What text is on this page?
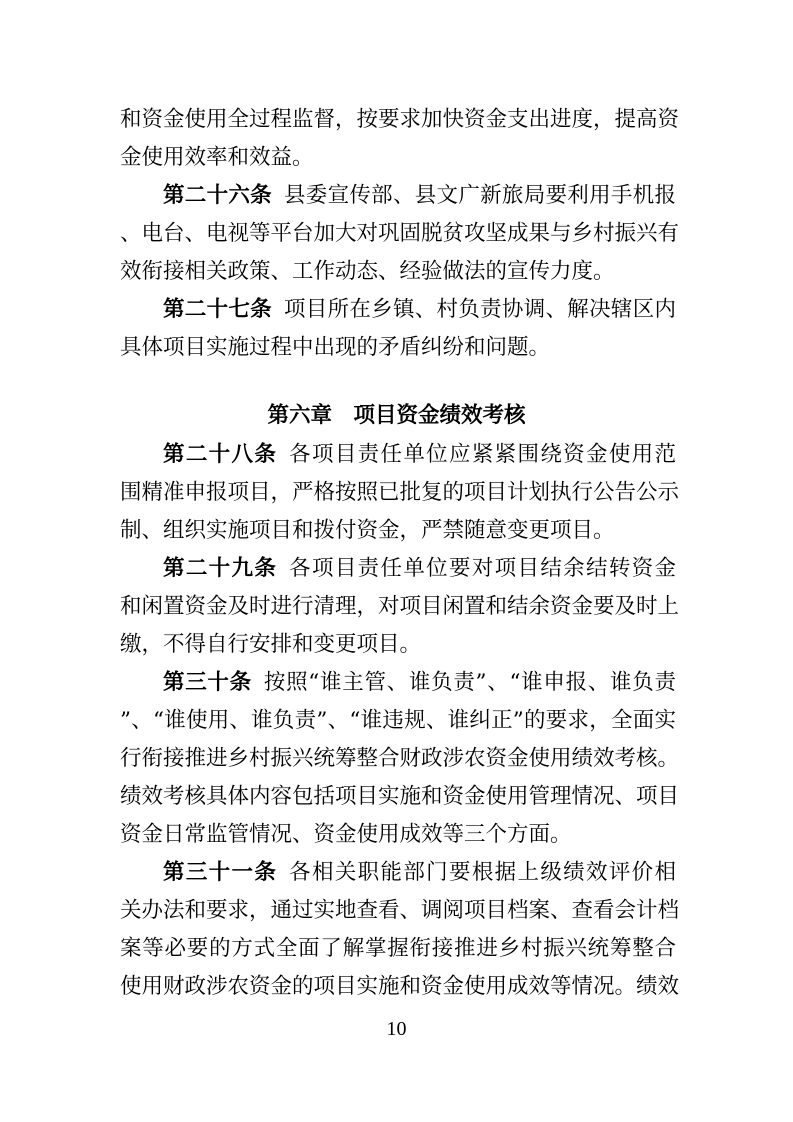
和资金使用全过程监督，按要求加快资金支出进度，提高资
金使用效率和效益。
第二十六条 县委宣传部、县文广新旅局要利用手机报
、电台、电视等平台加大对巩固脱贫攻坚成果与乡村振兴有
效衔接相关政策、工作动态、经验做法的宣传力度。
第二十七条 项目所在乡镇、村负责协调、解决辖区内
具体项目实施过程中出现的矛盾纠纷和问题。
第六章　项目资金绩效考核
第二十八条 各项目责任单位应紧紧围绕资金使用范
围精准申报项目，严格按照已批复的项目计划执行公告公示
制、组织实施项目和拨付资金，严禁随意变更项目。
第二十九条 各项目责任单位要对项目结余结转资金
和闲置资金及时进行清理，对项目闲置和结余资金要及时上
缴，不得自行安排和变更项目。
第三十条 按照“谁主管、谁负责”、“谁申报、谁负责
”、“谁使用、谁负责”、“谁违规、谁纠正”的要求，全面实
行衔接推进乡村振兴统筹整合财政涉农资金使用绩效考核。
绩效考核具体内容包括项目实施和资金使用管理情况、项目
资金日常监管情况、资金使用成效等三个方面。
第三十一条 各相关职能部门要根据上级绩效评价相
关办法和要求，通过实地查看、调阅项目档案、查看会计档
案等必要的方式全面了解掌握衔接推进乡村振兴统筹整合
使用财政涉农资金的项目实施和资金使用成效等情况。绩效
10
